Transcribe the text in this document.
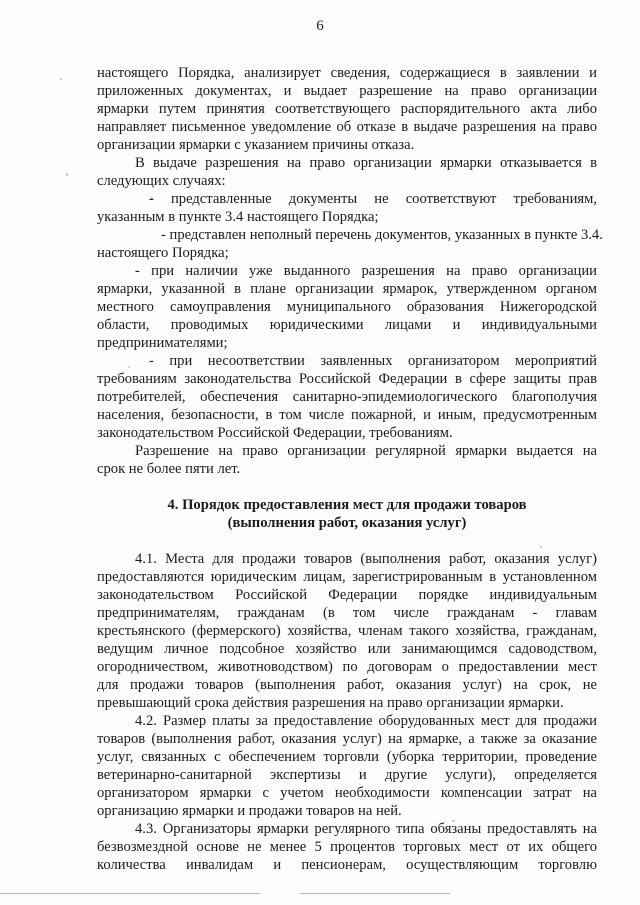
6
настоящего Порядка, анализирует сведения, содержащиеся в заявлении и
приложенных документах, и выдает разрешение на право организации
ярмарки путем принятия соответствующего распорядительного акта либо
направляет письменное уведомление об отказе в выдаче разрешения на право
организации ярмарки с указанием причины отказа.
В выдаче разрешения на право организации ярмарки отказывается в
следующих случаях:
- представленные документы не соответствуют требованиям,
указанным в пункте 3.4 настоящего Порядка;
- представлен неполный перечень документов, указанных в пункте 3.4.
настоящего Порядка;
- при наличии уже выданного разрешения на право организации
ярмарки, указанной в плане организации ярмарок, утвержденном органом
местного самоуправления муниципального образования Нижегородской
области, проводимых юридическими лицами и индивидуальными
предпринимателями;
- при несоответствии заявленных организатором мероприятий
требованиям законодательства Российской Федерации в сфере защиты прав
потребителей, обеспечения санитарно-эпидемиологического благополучия
населения, безопасности, в том числе пожарной, и иным, предусмотренным
законодательством Российской Федерации, требованиям.
Разрешение на право организации регулярной ярмарки выдается на
срок не более пяти лет.
4. Порядок предоставления мест для продажи товаров
(выполнения работ, оказания услуг)
4.1. Места для продажи товаров (выполнения работ, оказания услуг)
предоставляются юридическим лицам, зарегистрированным в установленном
законодательством Российской Федерации порядке индивидуальным
предпринимателям, гражданам (в том числе гражданам - главам
крестьянского (фермерского) хозяйства, членам такого хозяйства, гражданам,
ведущим личное подсобное хозяйство или занимающимся садоводством,
огородничеством, животноводством) по договорам о предоставлении мест
для продажи товаров (выполнения работ, оказания услуг) на срок, не
превышающий срока действия разрешения на право организации ярмарки.
4.2. Размер платы за предоставление оборудованных мест для продажи
товаров (выполнения работ, оказания услуг) на ярмарке, а также за оказание
услуг, связанных с обеспечением торговли (уборка территории, проведение
ветеринарно-санитарной экспертизы и другие услуги), определяется
организатором ярмарки с учетом необходимости компенсации затрат на
организацию ярмарки и продажи товаров на ней.
4.3. Организаторы ярмарки регулярного типа обязаны предоставлять на
безвозмездной основе не менее 5 процентов торговых мест от их общего
количества инвалидам и пенсионерам, осуществляющим торговлю
